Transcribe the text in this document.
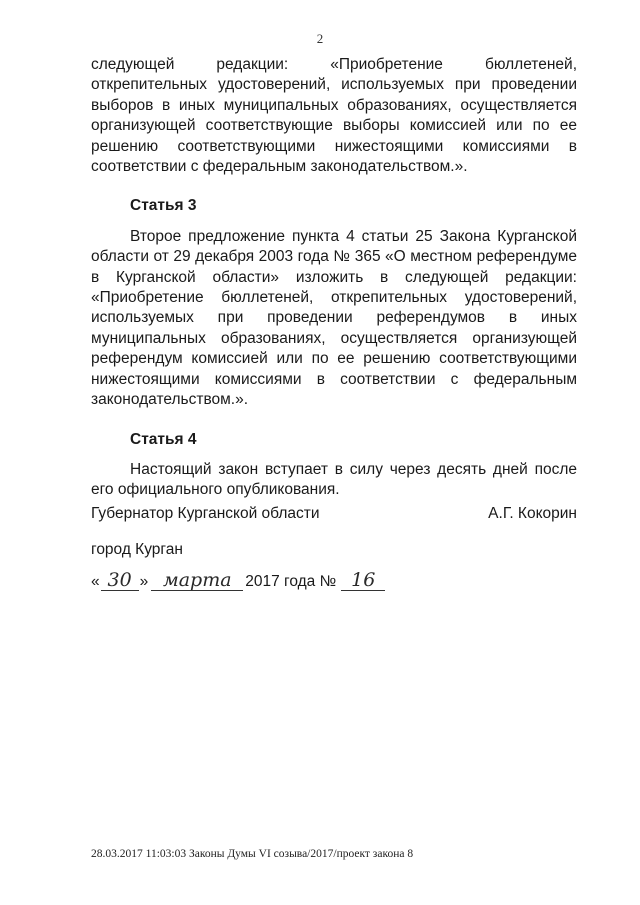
2

следующей редакции: «Приобретение бюллетеней, открепительных удостоверений, используемых при проведении выборов в иных муниципальных образованиях, осуществляется организующей соответствующие выборы комиссией или по ее решению соответствующими нижестоящими комиссиями в соответствии с федеральным законодательством.».

Статья 3

Второе предложение пункта 4 статьи 25 Закона Курганской области от 29 декабря 2003 года № 365 «О местном референдуме в Курганской области» изложить в следующей редакции: «Приобретение бюллетеней, открепительных удостоверений, используемых при проведении референдумов в иных муниципальных образованиях, осуществляется организующей референдум комиссией или по ее решению соответствующими нижестоящими комиссиями в соответствии с федеральным законодательством.».

Статья 4

Настоящий закон вступает в силу через десять дней после его официального опубликования.

Губернатор Курганской области	А.Г. Кокорин
город Курган
« 30 » марта 2017 года № 16
28.03.2017 11:03:03 Законы Думы VI созыва/2017/проект закона 8
